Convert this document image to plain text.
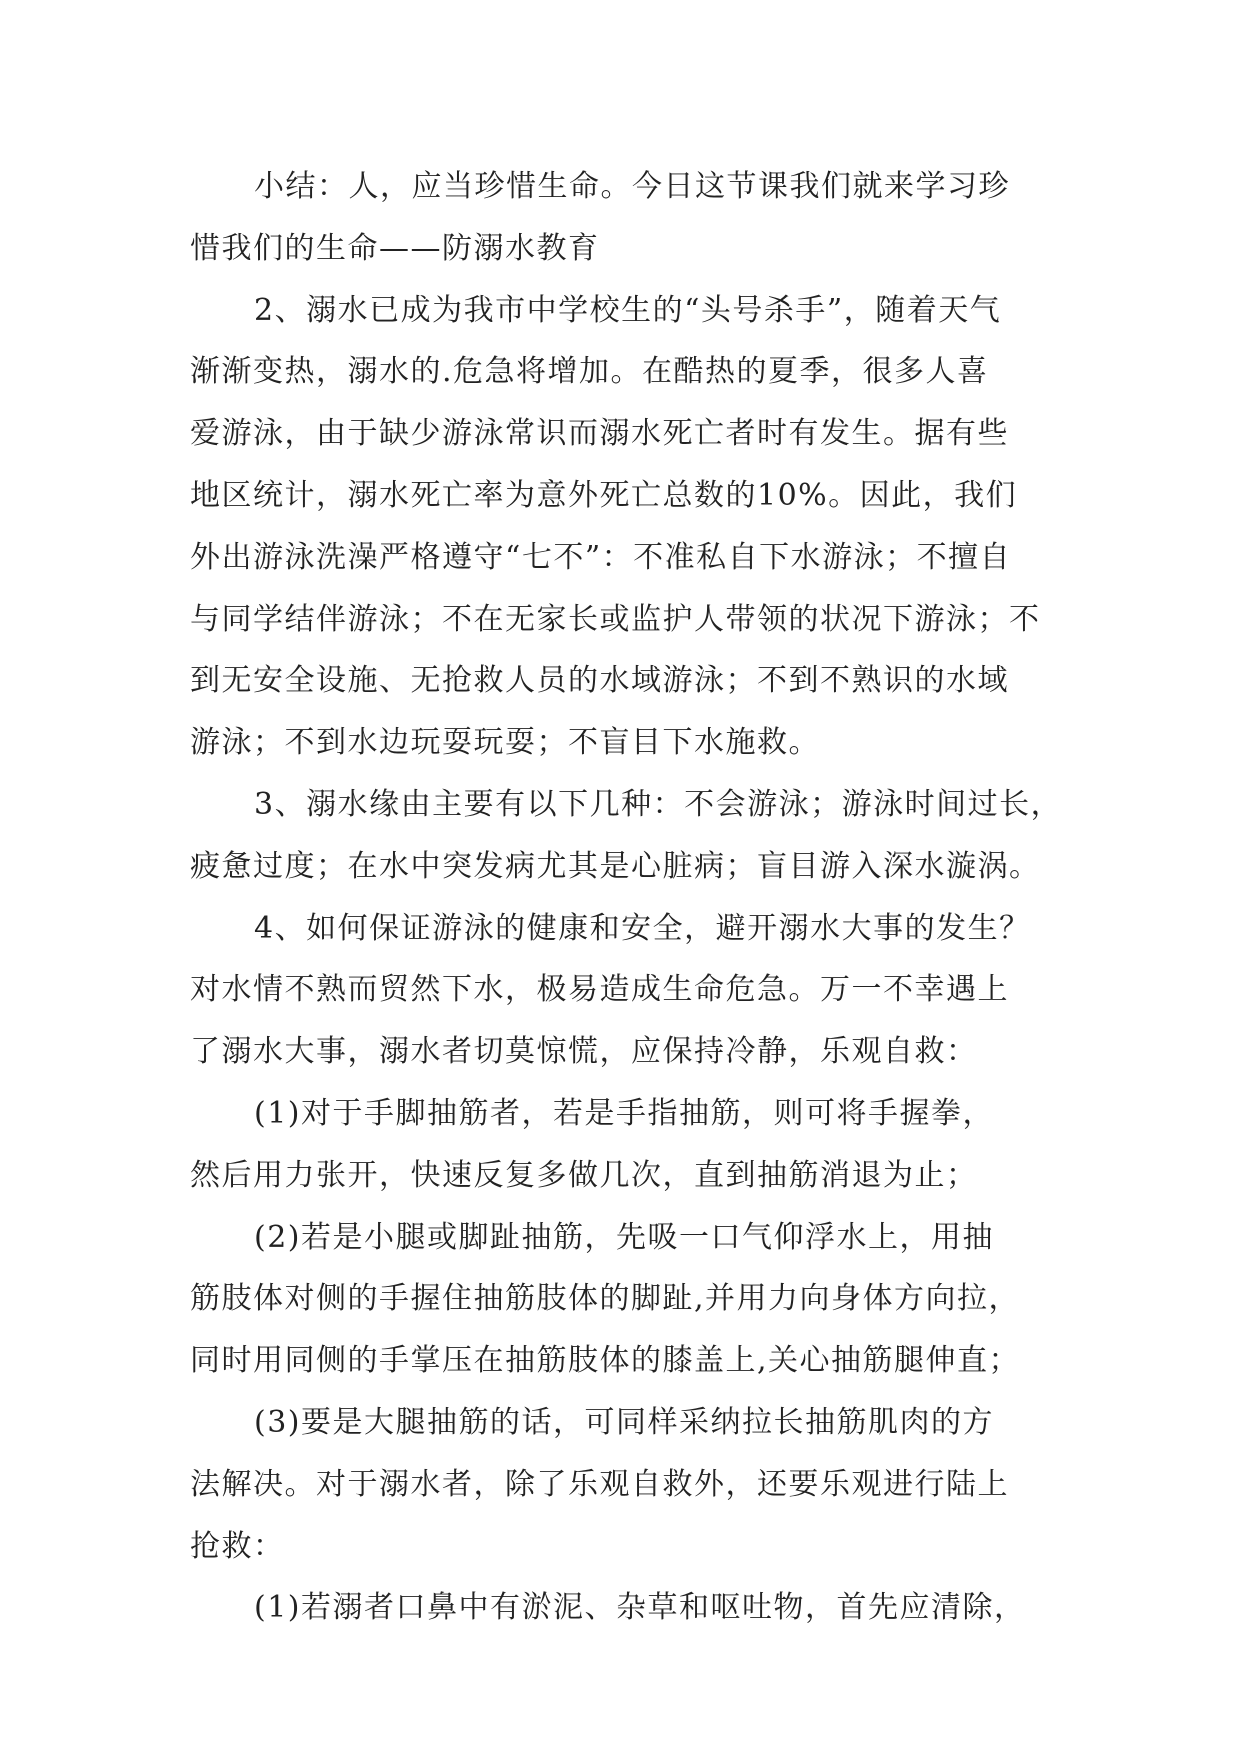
小结：人，应当珍惜生命。今日这节课我们就来学习珍
惜我们的生命——防溺水教育
2、溺水已成为我市中学校生的“头号杀手”，随着天气
渐渐变热，溺水的.危急将增加。在酷热的夏季，很多人喜
爱游泳，由于缺少游泳常识而溺水死亡者时有发生。据有些
地区统计，溺水死亡率为意外死亡总数的10%。因此，我们
外出游泳洗澡严格遵守“七不”：不准私自下水游泳；不擅自
与同学结伴游泳；不在无家长或监护人带领的状况下游泳；不
到无安全设施、无抢救人员的水域游泳；不到不熟识的水域
游泳；不到水边玩耍玩耍；不盲目下水施救。
3、溺水缘由主要有以下几种：不会游泳；游泳时间过长，
疲惫过度；在水中突发病尤其是心脏病；盲目游入深水漩涡。
4、如何保证游泳的健康和安全，避开溺水大事的发生？
对水情不熟而贸然下水，极易造成生命危急。万一不幸遇上
了溺水大事，溺水者切莫惊慌，应保持冷静，乐观自救：
(1)对于手脚抽筋者，若是手指抽筋，则可将手握拳，
然后用力张开，快速反复多做几次，直到抽筋消退为止；
(2)若是小腿或脚趾抽筋，先吸一口气仰浮水上，用抽
筋肢体对侧的手握住抽筋肢体的脚趾,并用力向身体方向拉，
同时用同侧的手掌压在抽筋肢体的膝盖上,关心抽筋腿伸直；
(3)要是大腿抽筋的话，可同样采纳拉长抽筋肌肉的方
法解决。对于溺水者，除了乐观自救外，还要乐观进行陆上
抢救：
(1)若溺者口鼻中有淤泥、杂草和呕吐物，首先应清除，
